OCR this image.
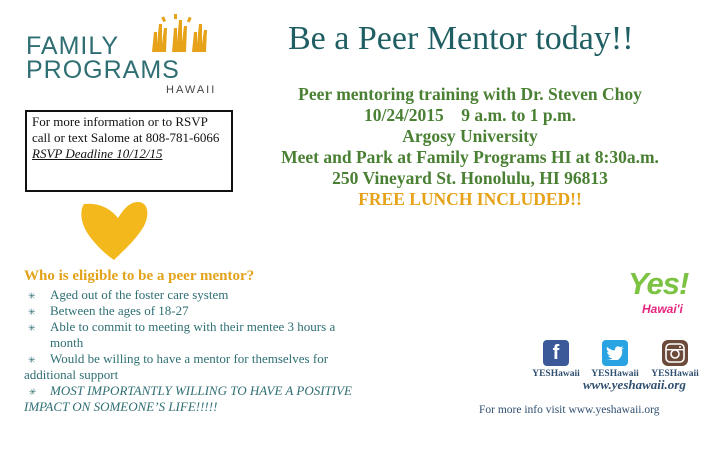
FAMILY
PROGRAMS
HAWAII
Be a Peer Mentor today!!
For more information or to RSVP call or text Salome at 808-781-6066
RSVP Deadline 10/12/15
Peer mentoring training with Dr. Steven Choy
10/24/2015    9 a.m. to 1 p.m.
Argosy University
Meet and Park at Family Programs HI at 8:30a.m.
250 Vineyard St. Honolulu, HI 96813
FREE LUNCH INCLUDED!!
Who is eligible to be a peer mentor?
✳ Aged out of the foster care system
✳ Between the ages of 18-27
✳ Able to commit to meeting with their mentee 3 hours a month
✳ Would be willing to have a mentor for themselves for additional support
✳ MOST IMPORTANTLY WILLING TO HAVE A POSITIVE IMPACT ON SOMEONE’S LIFE!!!!!
Yes!
Hawai'i
f
YESHawaii	YESHawaii	YESHawaii
www.yeshawaii.org
For more info visit www.yeshawaii.org
